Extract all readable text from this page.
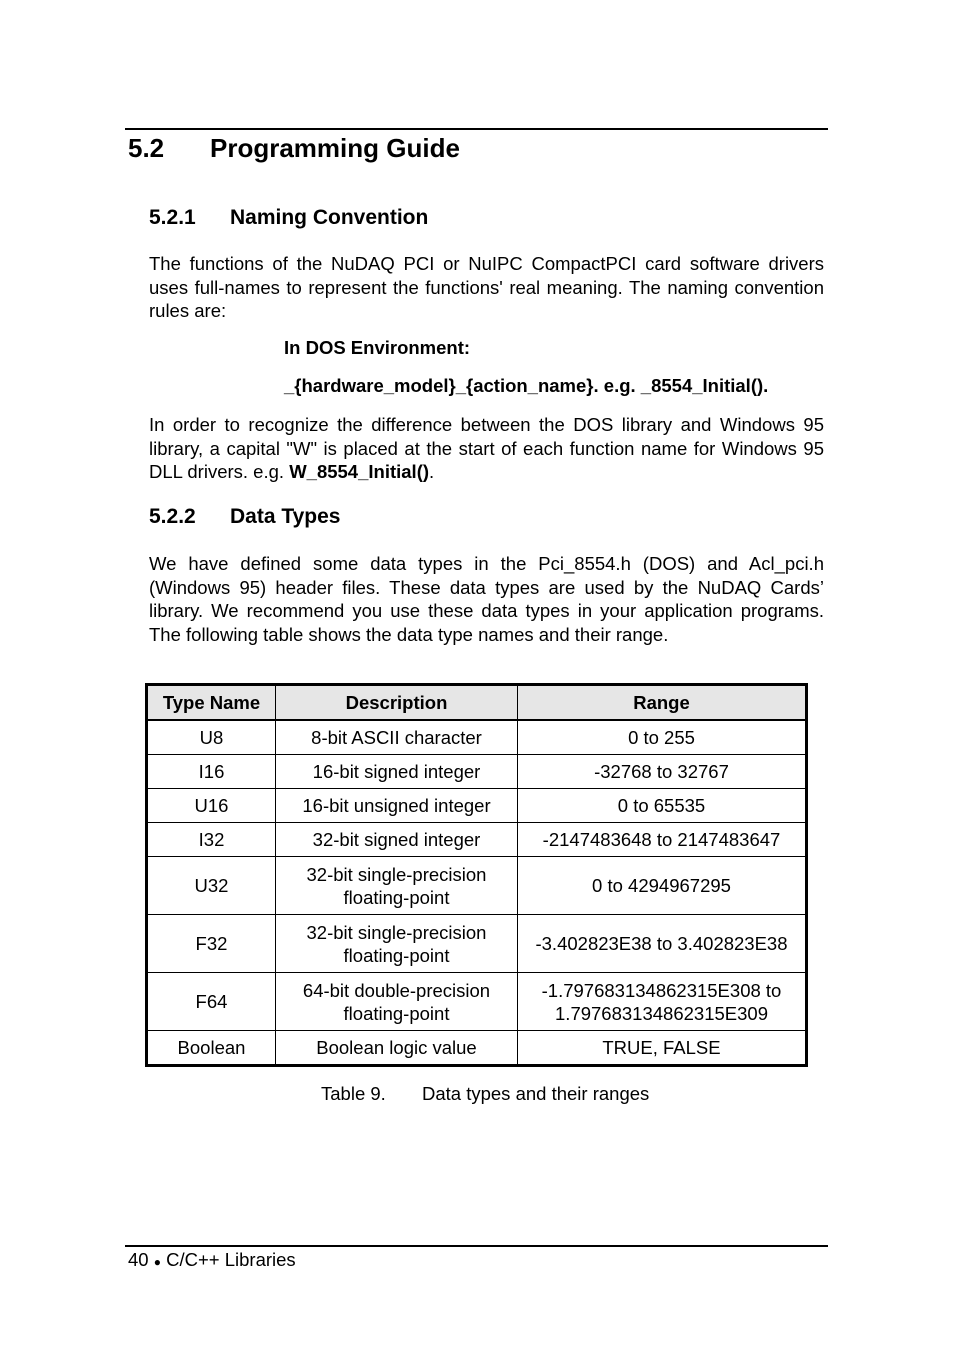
5.2 Programming Guide
5.2.1 Naming Convention

The functions of the NuDAQ PCI or NuIPC CompactPCI card software drivers uses full-names to represent the functions' real meaning. The naming convention rules are:

In DOS Environment:
_{hardware_model}_{action_name}. e.g. _8554_Initial().

In order to recognize the difference between the DOS library and Windows 95 library, a capital "W" is placed at the start of each function name for Windows 95 DLL drivers. e.g. W_8554_Initial().

5.2.2 Data Types

We have defined some data types in the Pci_8554.h (DOS) and Acl_pci.h (Windows 95) header files. These data types are used by the NuDAQ Cards’ library. We recommend you use these data types in your application programs. The following table shows the data type names and their range.

Type Name	Description	Range
U8	8-bit ASCII character	0 to 255
I16	16-bit signed integer	-32768 to 32767
U16	16-bit unsigned integer	0 to 65535
I32	32-bit signed integer	-2147483648 to 2147483647
U32	32-bit single-precision floating-point	0 to 4294967295
F32	32-bit single-precision floating-point	-3.402823E38 to 3.402823E38
F64	64-bit double-precision floating-point	-1.797683134862315E308 to 1.797683134862315E309
Boolean	Boolean logic value	TRUE, FALSE
Table 9. Data types and their ranges
40 ● C/C++ Libraries
